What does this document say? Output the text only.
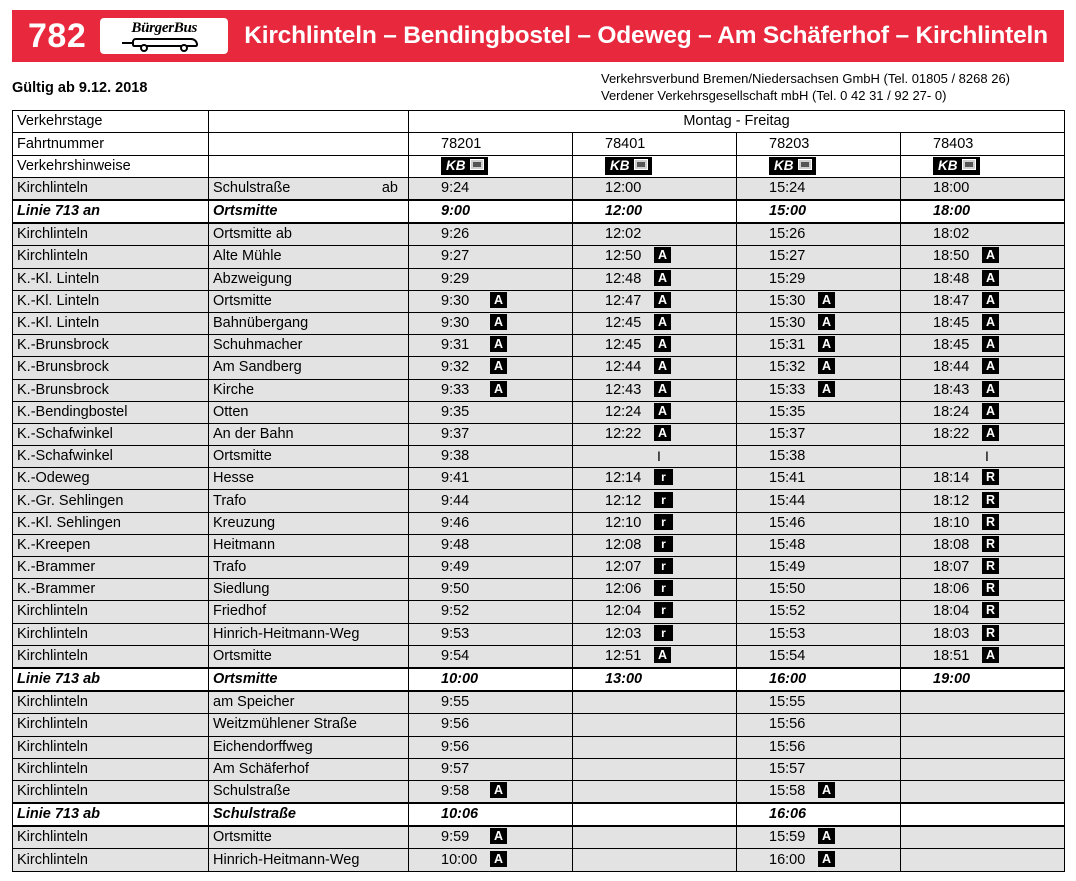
782	BürgerBus	Kirchlinteln – Bendingbostel – Odeweg – Am Schäferhof – Kirchlinteln
Gültig ab 9.12. 2018
Verkehrsverbund Bremen/Niedersachsen GmbH (Tel. 01805 / 8268 26)
Verdener Verkehrsgesellschaft mbH (Tel. 0 42 31 / 92 27- 0)
Verkehrstage		Montag - Freitag			
Fahrtnummer		78201	78401	78203	78403
Verkehrshinweise		KB	KB	KB	KB
Kirchlinteln	Schulstraße ab	9:24	12:00	15:24	18:00
Linie 713 an	Ortsmitte	9:00	12:00	15:00	18:00
Kirchlinteln	Ortsmitte ab	9:26	12:02	15:26	18:02
Kirchlinteln	Alte Mühle	9:27	12:50 A	15:27	18:50 A
K.-Kl. Linteln	Abzweigung	9:29	12:48 A	15:29	18:48 A
K.-Kl. Linteln	Ortsmitte	9:30 A	12:47 A	15:30 A	18:47 A
K.-Kl. Linteln	Bahnübergang	9:30 A	12:45 A	15:30 A	18:45 A
K.-Brunsbrock	Schuhmacher	9:31 A	12:45 A	15:31 A	18:45 A
K.-Brunsbrock	Am Sandberg	9:32 A	12:44 A	15:32 A	18:44 A
K.-Brunsbrock	Kirche	9:33 A	12:43 A	15:33 A	18:43 A
K.-Bendingbostel	Otten	9:35	12:24 A	15:35	18:24 A
K.-Schafwinkel	An der Bahn	9:37	12:22 A	15:37	18:22 A
K.-Schafwinkel	Ortsmitte	9:38	I	15:38	I
K.-Odeweg	Hesse	9:41	12:14 r	15:41	18:14 R
K.-Gr. Sehlingen	Trafo	9:44	12:12 r	15:44	18:12 R
K.-Kl. Sehlingen	Kreuzung	9:46	12:10 r	15:46	18:10 R
K.-Kreepen	Heitmann	9:48	12:08 r	15:48	18:08 R
K.-Brammer	Trafo	9:49	12:07 r	15:49	18:07 R
K.-Brammer	Siedlung	9:50	12:06 r	15:50	18:06 R
Kirchlinteln	Friedhof	9:52	12:04 r	15:52	18:04 R
Kirchlinteln	Hinrich-Heitmann-Weg	9:53	12:03 r	15:53	18:03 R
Kirchlinteln	Ortsmitte	9:54	12:51 A	15:54	18:51 A
Linie 713 ab	Ortsmitte	10:00	13:00	16:00	19:00
Kirchlinteln	am Speicher	9:55		15:55	
Kirchlinteln	Weitzmühlener Straße	9:56		15:56	
Kirchlinteln	Eichendorffweg	9:56		15:56	
Kirchlinteln	Am Schäferhof	9:57		15:57	
Kirchlinteln	Schulstraße	9:58 A		15:58 A	
Linie 713 ab	Schulstraße	10:06		16:06	
Kirchlinteln	Ortsmitte	9:59 A		15:59 A	
Kirchlinteln	Hinrich-Heitmann-Weg	10:00 A		16:00 A	
